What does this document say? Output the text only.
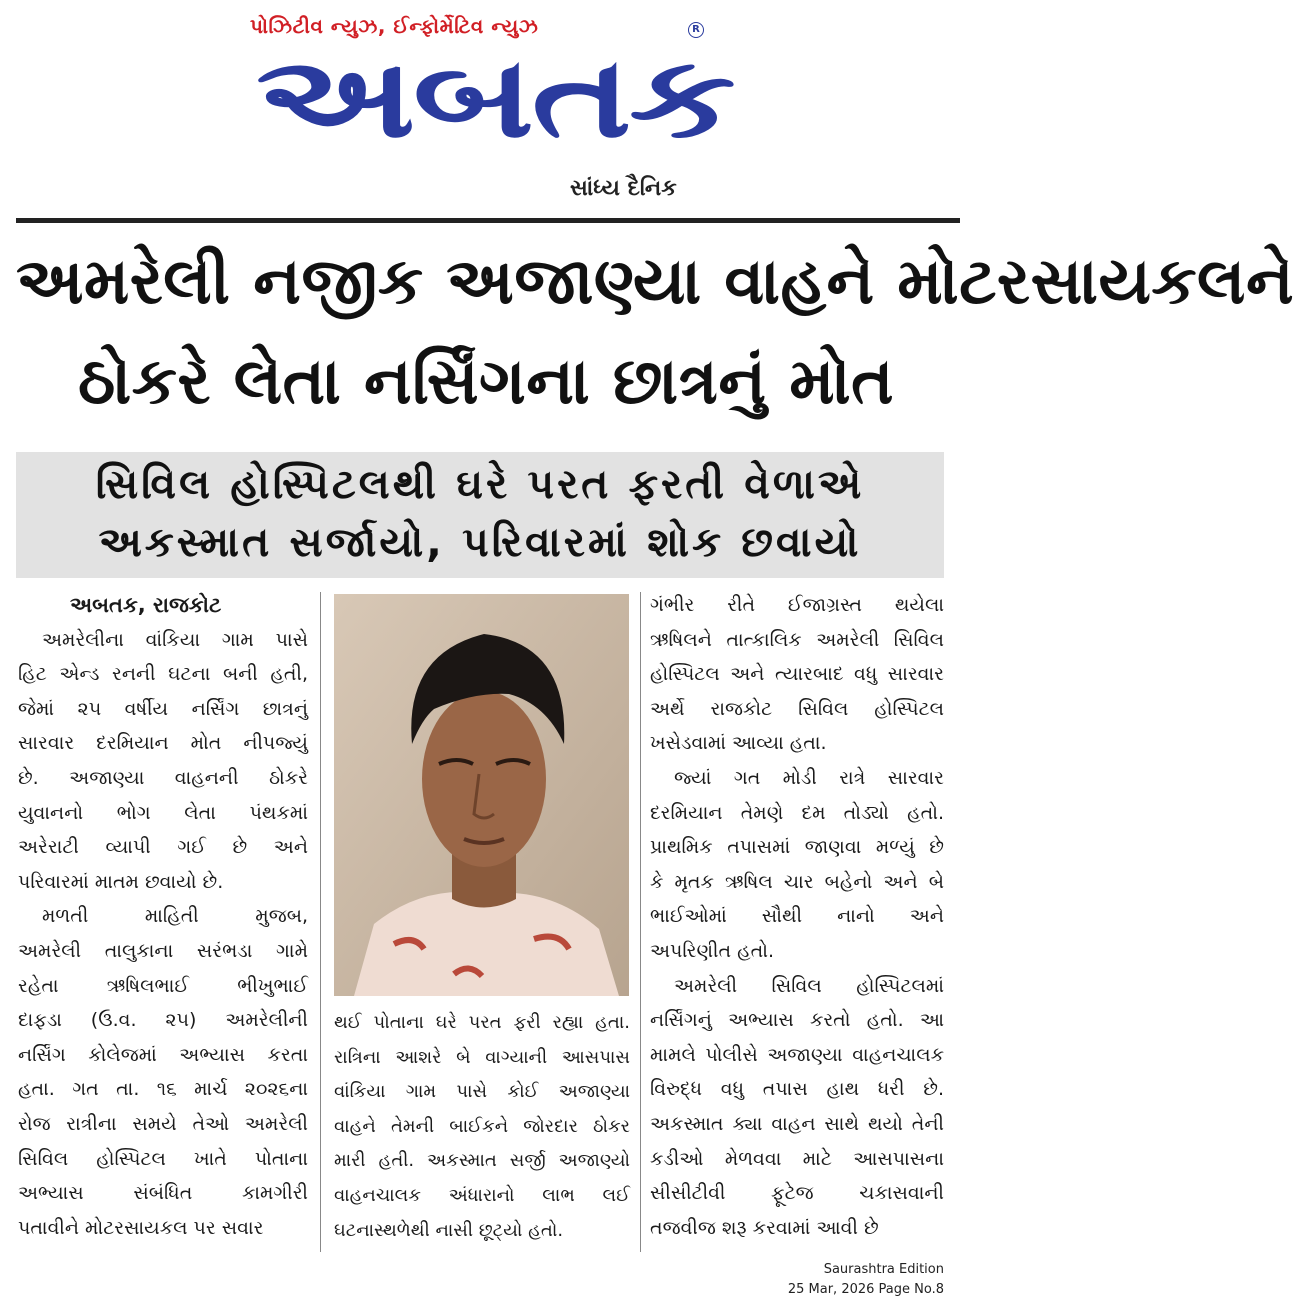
પોઝિટીવ ન્યુઝ, ઈન્ફોર્મેટિવ ન્યુઝ
અબતક
R
સાંધ્ય દૈનિક
અમરેલી નજીક અજાણ્યા વાહને મોટરસાયકલને
ઠોકરે લેતા નર્સિંગના છાત્રનું મોત
સિવિલ હોસ્પિટલથી ઘરે પરત ફરતી વેળાએ
અકસ્માત સર્જાયો, પરિવારમાં શોક છવાયો

અબતક, રાજકોટ

અમરેલીના વાંકિયા ગામ પાસે

હિટ એન્ડ રનની ઘટના બની હતી,

જેમાં ૨૫ વર્ષીય નર્સિંગ છાત્રનું

સારવાર દરમિયાન મોત નીપજ્યું

છે. અજાણ્યા વાહનની ઠોકરે

યુવાનનો ભોગ લેતા પંથકમાં

અરેરાટી વ્યાપી ગઈ છે અને

પરિવારમાં માતમ છવાયો છે.

મળતી માહિતી મુજબ,

અમરેલી તાલુકાના સરંભડા ગામે

રહેતા ઋષિલભાઈ ભીખુભાઈ

દાફડા (ઉ.વ. ૨૫) અમરેલીની

નર્સિંગ કોલેજમાં અભ્યાસ કરતા

હતા. ગત તા. ૧૬ માર્ચ ૨૦૨૬ના

રોજ રાત્રીના સમયે તેઓ અમરેલી

સિવિલ હોસ્પિટલ ખાતે પોતાના

અભ્યાસ સંબંધિત કામગીરી

પતાવીને મોટરસાયકલ પર સવાર

થઈ પોતાના ઘરે પરત ફરી રહ્યા હતા.

રાત્રિના આશરે બે વાગ્યાની આસપાસ

વાંકિયા ગામ પાસે કોઈ અજાણ્યા

વાહને તેમની બાઈકને જોરદાર ઠોકર

મારી હતી. અકસ્માત સર્જી અજાણ્યો

વાહનચાલક અંધારાનો લાભ લઈ

ઘટનાસ્થળેથી નાસી છૂટ્યો હતો.

ગંભીર રીતે ઈજાગ્રસ્ત થયેલા

ઋષિલને તાત્કાલિક અમરેલી સિવિલ

હોસ્પિટલ અને ત્યારબાદ વધુ સારવાર

અર્થે રાજકોટ સિવિલ હોસ્પિટલ

ખસેડવામાં આવ્યા હતા.

જ્યાં ગત મોડી રાત્રે સારવાર

દરમિયાન તેમણે દમ તોડ્યો હતો.

પ્રાથમિક તપાસમાં જાણવા મળ્યું છે

કે મૃતક ઋષિલ ચાર બહેનો અને બે

ભાઈઓમાં સૌથી નાનો અને

અપરિણીત હતો.

અમરેલી સિવિલ હોસ્પિટલમાં

નર્સિંગનું અભ્યાસ કરતો હતો. આ

મામલે પોલીસે અજાણ્યા વાહનચાલક

વિરુદ્ધ વધુ તપાસ હાથ ધરી છે.

અકસ્માત ક્યા વાહન સાથે થયો તેની

કડીઓ મેળવવા માટે આસપાસના

સીસીટીવી ફૂટેજ ચકાસવાની

તજવીજ શરૂ કરવામાં આવી છે

Saurashtra Edition
25 Mar, 2026 Page No.8
